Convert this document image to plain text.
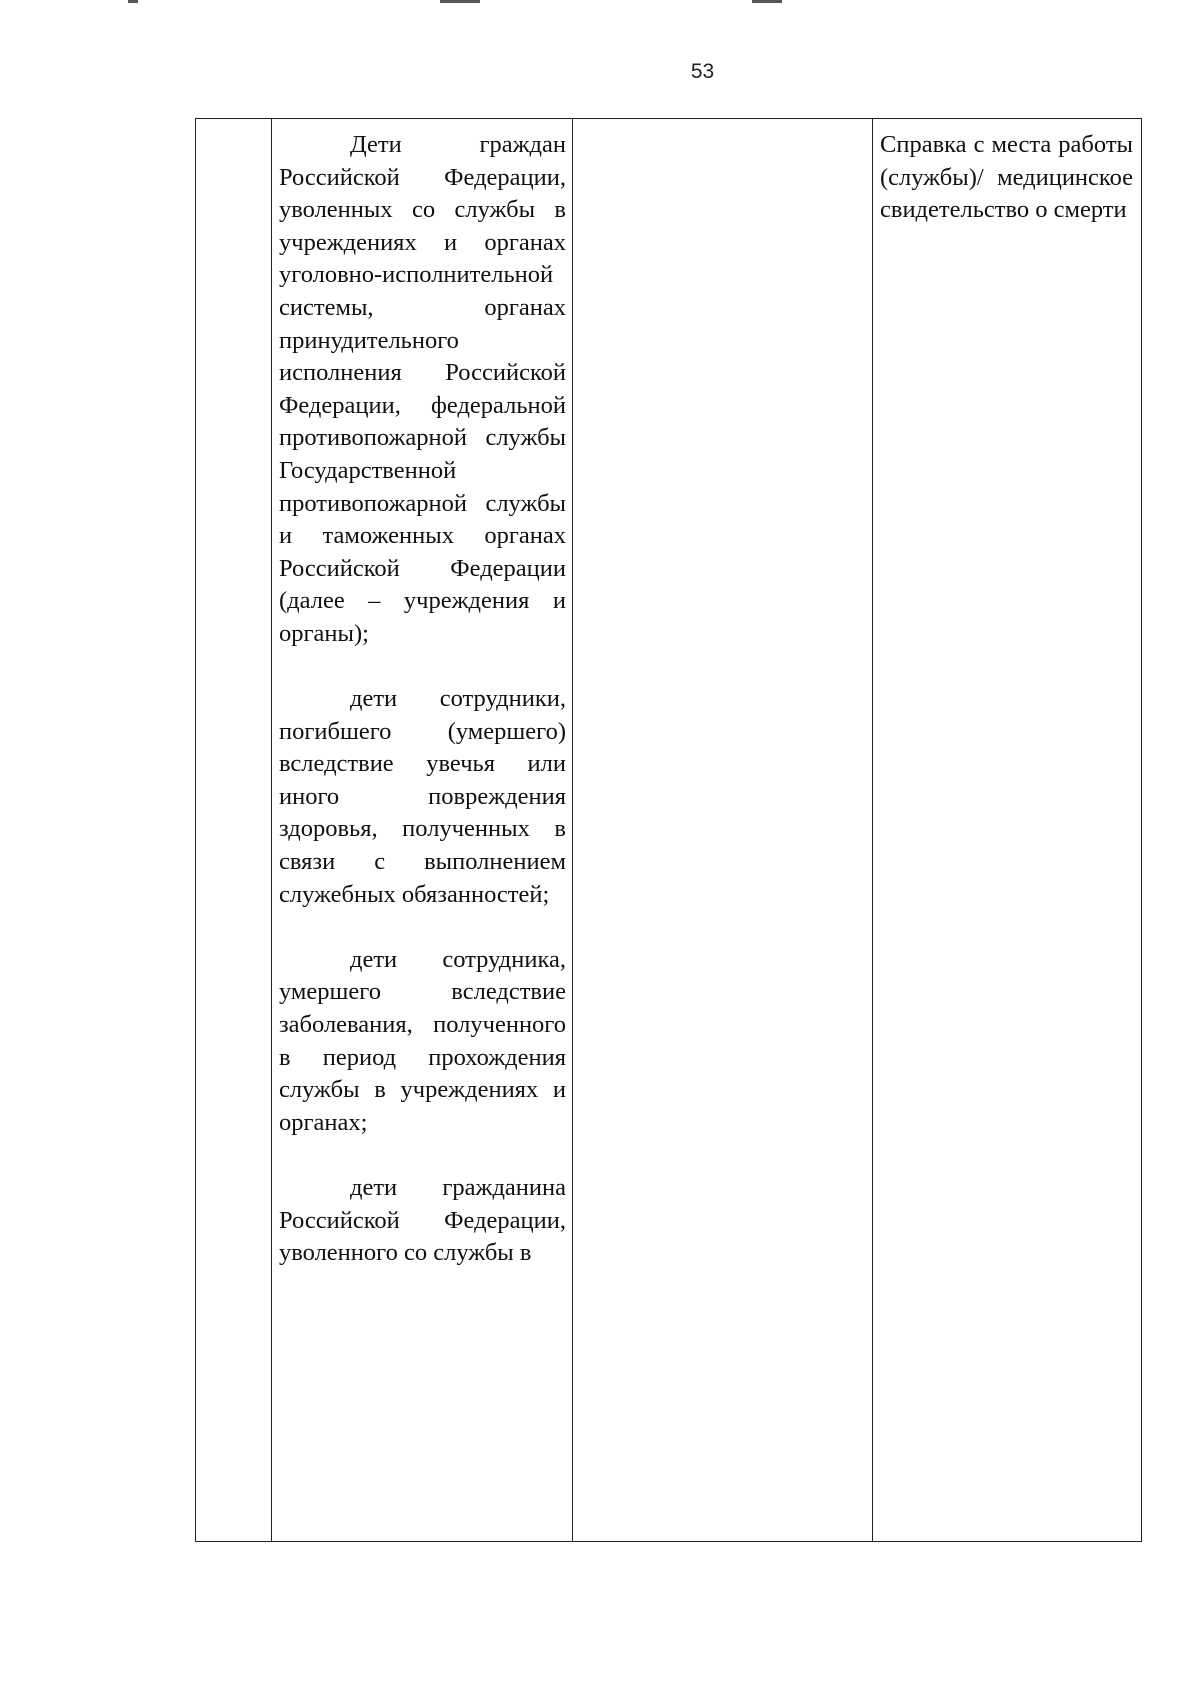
53

Дети граждан Российской Федерации, уволенных со службы в учреждениях и органах уголовно-исполнительной системы, органах принудительного исполнения Российской Федерации, федеральной противопожарной службы Государственной противопожарной службы и таможенных органах Российской Федерации (далее – учреждения и органы);

дети сотрудники, погибшего (умершего) вследствие увечья или иного повреждения здоровья, полученных в связи с выполнением служебных обязанностей;

дети сотрудника, умершего вследствие заболевания, полученного в период прохождения службы в учреждениях и органах;

дети гражданина Российской Федерации, уволенного со службы в

Справка с места работы (службы)/ медицинское свидетельство о смерти
